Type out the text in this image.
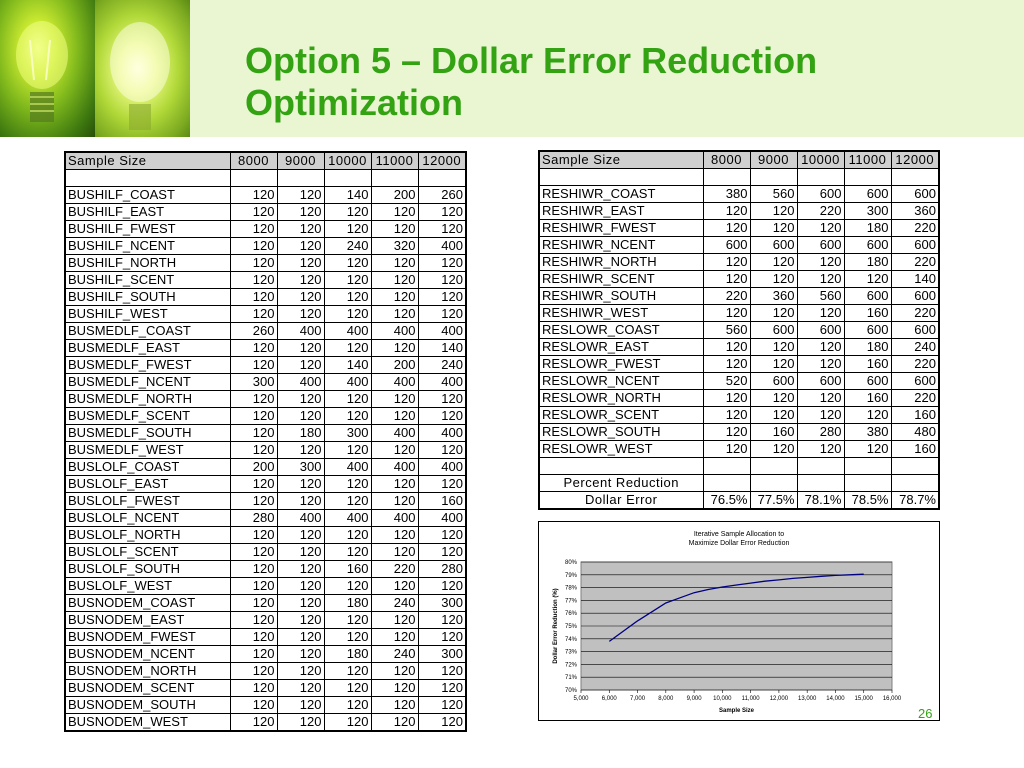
Option 5 – Dollar Error Reduction
Optimization
Sample Size	8000	9000	10000	11000	12000

BUSHILF_COAST	120	120	140	200	260
BUSHILF_EAST	120	120	120	120	120
BUSHILF_FWEST	120	120	120	120	120
BUSHILF_NCENT	120	120	240	320	400
BUSHILF_NORTH	120	120	120	120	120
BUSHILF_SCENT	120	120	120	120	120
BUSHILF_SOUTH	120	120	120	120	120
BUSHILF_WEST	120	120	120	120	120
BUSMEDLF_COAST	260	400	400	400	400
BUSMEDLF_EAST	120	120	120	120	140
BUSMEDLF_FWEST	120	120	140	200	240
BUSMEDLF_NCENT	300	400	400	400	400
BUSMEDLF_NORTH	120	120	120	120	120
BUSMEDLF_SCENT	120	120	120	120	120
BUSMEDLF_SOUTH	120	180	300	400	400
BUSMEDLF_WEST	120	120	120	120	120
BUSLOLF_COAST	200	300	400	400	400
BUSLOLF_EAST	120	120	120	120	120
BUSLOLF_FWEST	120	120	120	120	160
BUSLOLF_NCENT	280	400	400	400	400
BUSLOLF_NORTH	120	120	120	120	120
BUSLOLF_SCENT	120	120	120	120	120
BUSLOLF_SOUTH	120	120	160	220	280
BUSLOLF_WEST	120	120	120	120	120
BUSNODEM_COAST	120	120	180	240	300
BUSNODEM_EAST	120	120	120	120	120
BUSNODEM_FWEST	120	120	120	120	120
BUSNODEM_NCENT	120	120	180	240	300
BUSNODEM_NORTH	120	120	120	120	120
BUSNODEM_SCENT	120	120	120	120	120
BUSNODEM_SOUTH	120	120	120	120	120
BUSNODEM_WEST	120	120	120	120	120
Sample Size	8000	9000	10000	11000	12000

RESHIWR_COAST	380	560	600	600	600
RESHIWR_EAST	120	120	220	300	360
RESHIWR_FWEST	120	120	120	180	220
RESHIWR_NCENT	600	600	600	600	600
RESHIWR_NORTH	120	120	120	180	220
RESHIWR_SCENT	120	120	120	120	140
RESHIWR_SOUTH	220	360	560	600	600
RESHIWR_WEST	120	120	120	160	220
RESLOWR_COAST	560	600	600	600	600
RESLOWR_EAST	120	120	120	180	240
RESLOWR_FWEST	120	120	120	160	220
RESLOWR_NCENT	520	600	600	600	600
RESLOWR_NORTH	120	120	120	160	220
RESLOWR_SCENT	120	120	120	120	160
RESLOWR_SOUTH	120	160	280	380	480
RESLOWR_WEST	120	120	120	120	160

Percent Reduction					
Dollar Error	76.5%	77.5%	78.1%	78.5%	78.7%
Iterative Sample Allocation to
Maximize Dollar Error Reduction
70%
71%
72%
73%
74%
75%
76%
77%
78%
79%
80%
5,000 6,000 7,000 8,000 9,000 10,000 11,000 12,000 13,000 14,000 15,000 16,000
Sample Size
Dollar Error Reduction (%)
26
